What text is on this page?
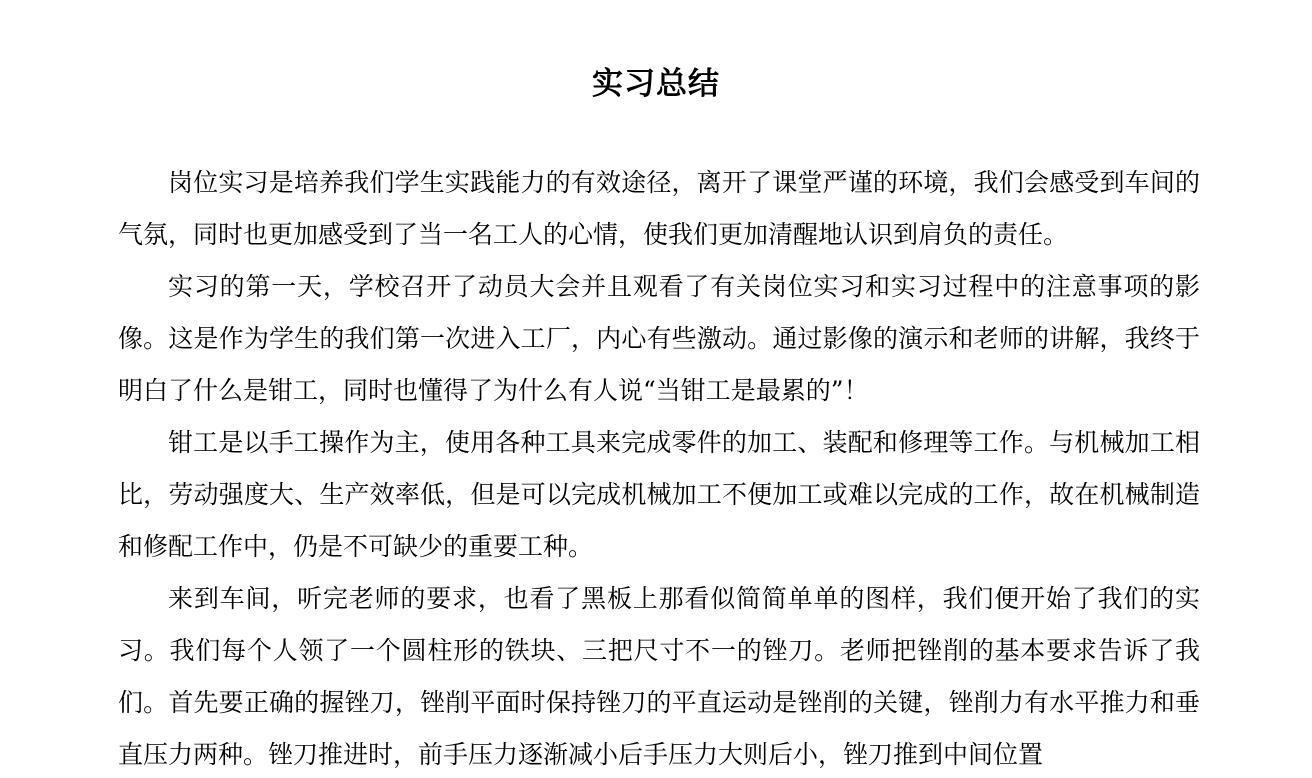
实习总结

岗位实习是培养我们学生实践能力的有效途径，离开了课堂严谨的环境，我们会感受到车间的气氛，同时也更加感受到了当一名工人的心情，使我们更加清醒地认识到肩负的责任。

实习的第一天，学校召开了动员大会并且观看了有关岗位实习和实习过程中的注意事项的影像。这是作为学生的我们第一次进入工厂，内心有些激动。通过影像的演示和老师的讲解，我终于明白了什么是钳工，同时也懂得了为什么有人说“当钳工是最累的”！

钳工是以手工操作为主，使用各种工具来完成零件的加工、装配和修理等工作。与机械加工相比，劳动强度大、生产效率低，但是可以完成机械加工不便加工或难以完成的工作，故在机械制造和修配工作中，仍是不可缺少的重要工种。

来到车间，听完老师的要求，也看了黑板上那看似简简单单的图样，我们便开始了我们的实习。我们每个人领了一个圆柱形的铁块、三把尺寸不一的锉刀。老师把锉削的基本要求告诉了我们。首先要正确的握锉刀，锉削平面时保持锉刀的平直运动是锉削的关键，锉削力有水平推力和垂直压力两种。锉刀推进时，前手压力逐渐减小后手压力大则后小，锉刀推到中间位置
